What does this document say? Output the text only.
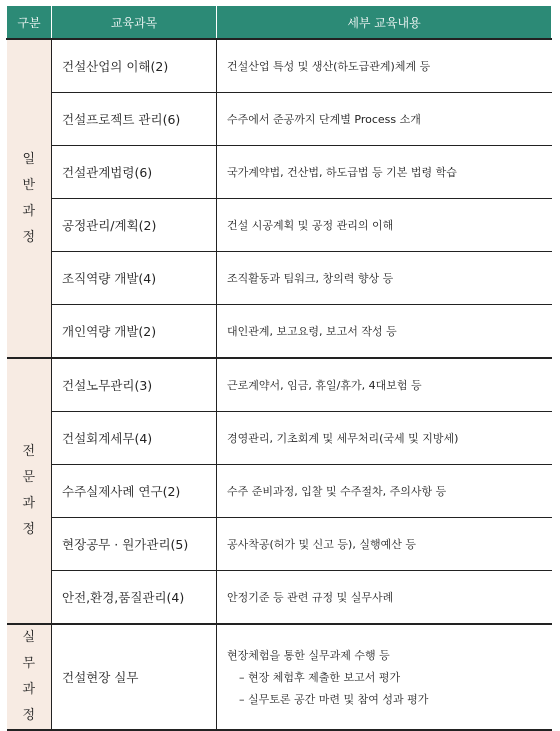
구분	교육과목	세부 교육내용

일
반
과
정	건설산업의 이해(2)	건설산업 특성 및 생산(하도급관계)체계 등
	건설프로젝트 관리(6)	수주에서 준공까지 단계별 Process 소개
	건설관계법령(6)	국가계약법, 건산법, 하도급법 등 기본 법령 학습
	공정관리/계획(2)	건설 시공계획 및 공정 관리의 이해
	조직역량 개발(4)	조직활동과 팀워크, 창의력 향상 등
	개인역량 개발(2)	대인관계, 보고요령, 보고서 작성 등

전
문
과
정	건설노무관리(3)	근로계약서, 임금, 휴일/휴가, 4대보험 등
	건설회계세무(4)	경영관리, 기초회계 및 세무처리(국세 및 지방세)
	수주실제사례 연구(2)	수주 준비과정, 입찰 및 수주절차, 주의사항 등
	현장공무 · 원가관리(5)	공사착공(허가 및 신고 등), 실행예산 등
	안전,환경,품질관리(4)	안정기준 등 관련 규정 및 실무사례

실
무
과
정	건설현장 실무	현장체험을 통한 실무과제 수행 등
– 현장 체험후 제출한 보고서 평가
– 실무토론 공간 마련 및 참여 성과 평가
